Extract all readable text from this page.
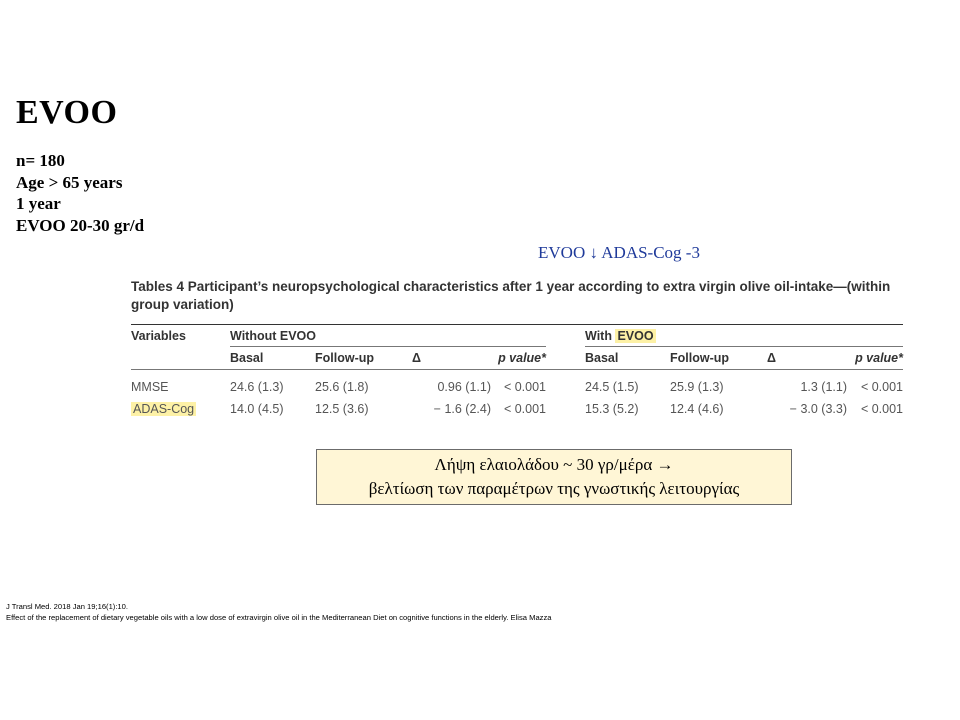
EVOO
n= 180
Age > 65 years
1 year
EVOO 20-30 gr/d
EVOO ↓ ADAS-Cog -3
Tables 4 Participant’s neuropsychological characteristics after 1 year according to extra virgin olive oil-intake—(within group variation)
Variables	Without EVOO	With EVOO
Basal	Follow-up	Δ	p value*	Basal	Follow-up	Δ	p value*
MMSE	24.6 (1.3)	25.6 (1.8)	0.96 (1.1) < 0.001	24.5 (1.5)	25.9 (1.3)	1.3 (1.1) < 0.001
ADAS-Cog	14.0 (4.5)	12.5 (3.6)	− 1.6 (2.4) < 0.001	15.3 (5.2)	12.4 (4.6)	− 3.0 (3.3) < 0.001
Λήψη ελαιολάδου ~ 30 γρ/μέρα →
βελτίωση των παραμέτρων της γνωστικής λειτουργίας
J Transl Med. 2018 Jan 19;16(1):10.
Effect of the replacement of dietary vegetable oils with a low dose of extravirgin olive oil in the Mediterranean Diet on cognitive functions in the elderly. Elisa Mazza
